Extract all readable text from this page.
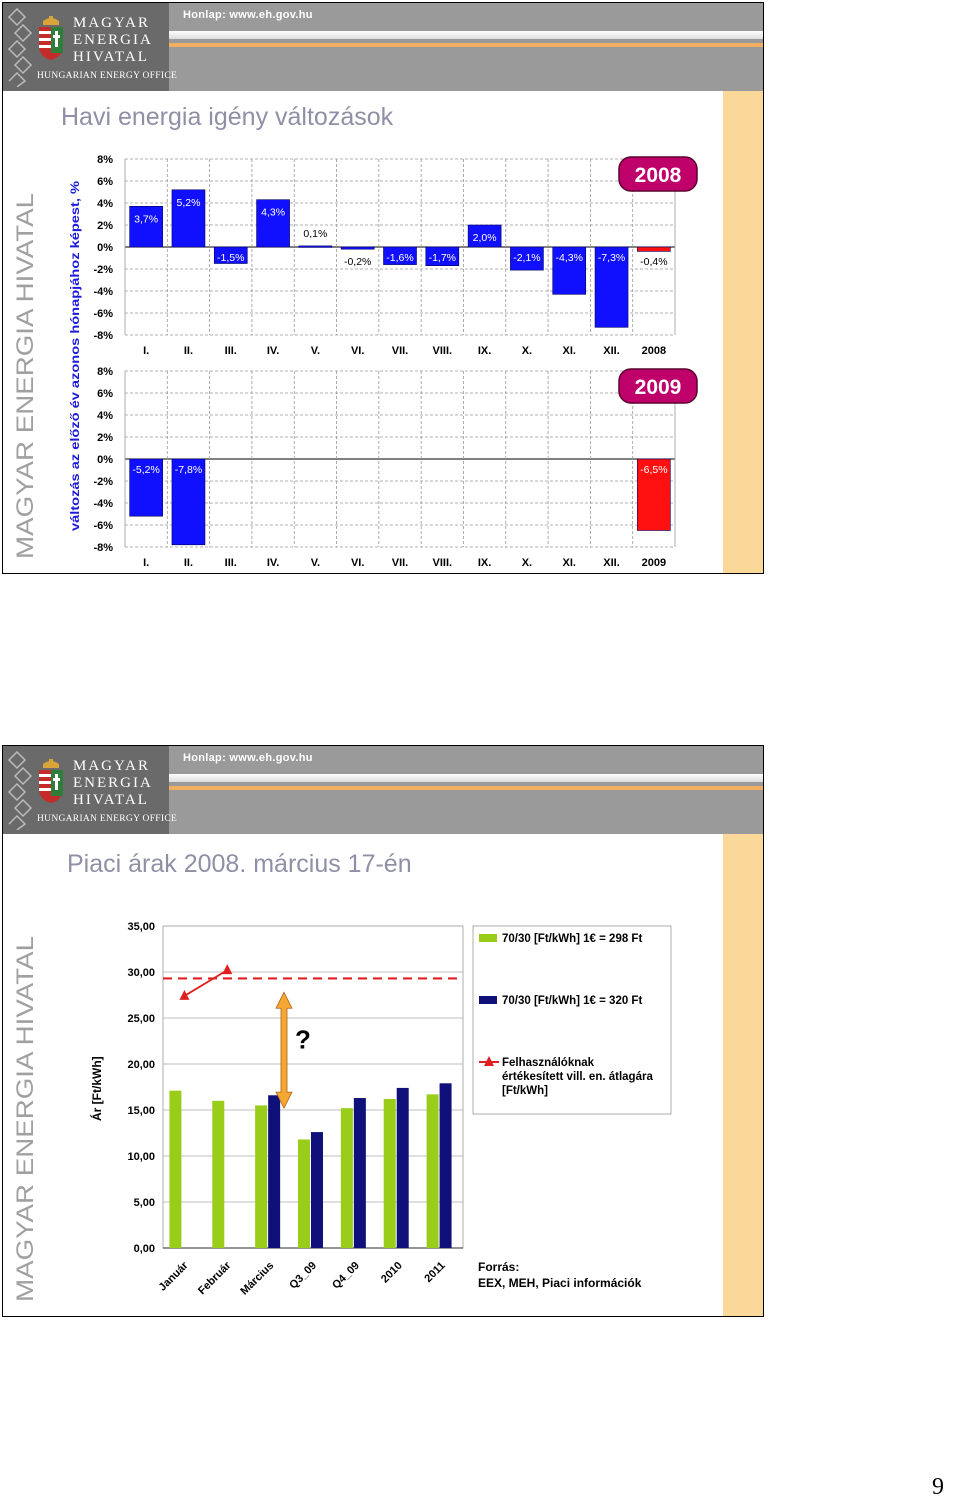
MAGYAR
ENERGIA
HIVATAL
HUNGARIAN ENERGY OFFICE
Honlap: www.eh.gov.hu
MAGYAR ENERGIA HIVATAL
Havi energia igény változások
változás az előző év azonos hónapjához képest, %
8%
6%
4%
2%
0%
-2%
-4%
-6%
-8%
I.
3,7%
II.
5,2%
III.
-1,5%
IV.
4,3%
V.
0,1%
VI.
-0,2%
VII.
-1,6%
VIII.
-1,7%
IX.
2,0%
X.
-2,1%
XI.
-4,3%
XII.
-7,3%
2008
-0,4%
2008
8%
6%
4%
2%
0%
-2%
-4%
-6%
-8%
I.
-5,2%
II.
-7,8%
III.	IV.	V.	VI. VII. VIII. IX.	X.	XI. XII. 2009
-6,5%
2009
MAGYAR
ENERGIA
HIVATAL
HUNGARIAN ENERGY OFFICE
Honlap: www.eh.gov.hu
MAGYAR ENERGIA HIVATAL
Piaci árak 2008. március 17-én
Ár [Ft/kWh]
35,00
30,00
25,00
20,00
15,00
10,00
5,00
0,00
Január Február Március Q3_09 Q4_09 2010 2011
?
70/30 [Ft/kWh] 1€ = 298 Ft
70/30 [Ft/kWh] 1€ = 320 Ft
Felhasználóknak
értékesített vill. en. átlagára
[Ft/kWh]
Forrás:
EEX, MEH, Piaci információk
9
